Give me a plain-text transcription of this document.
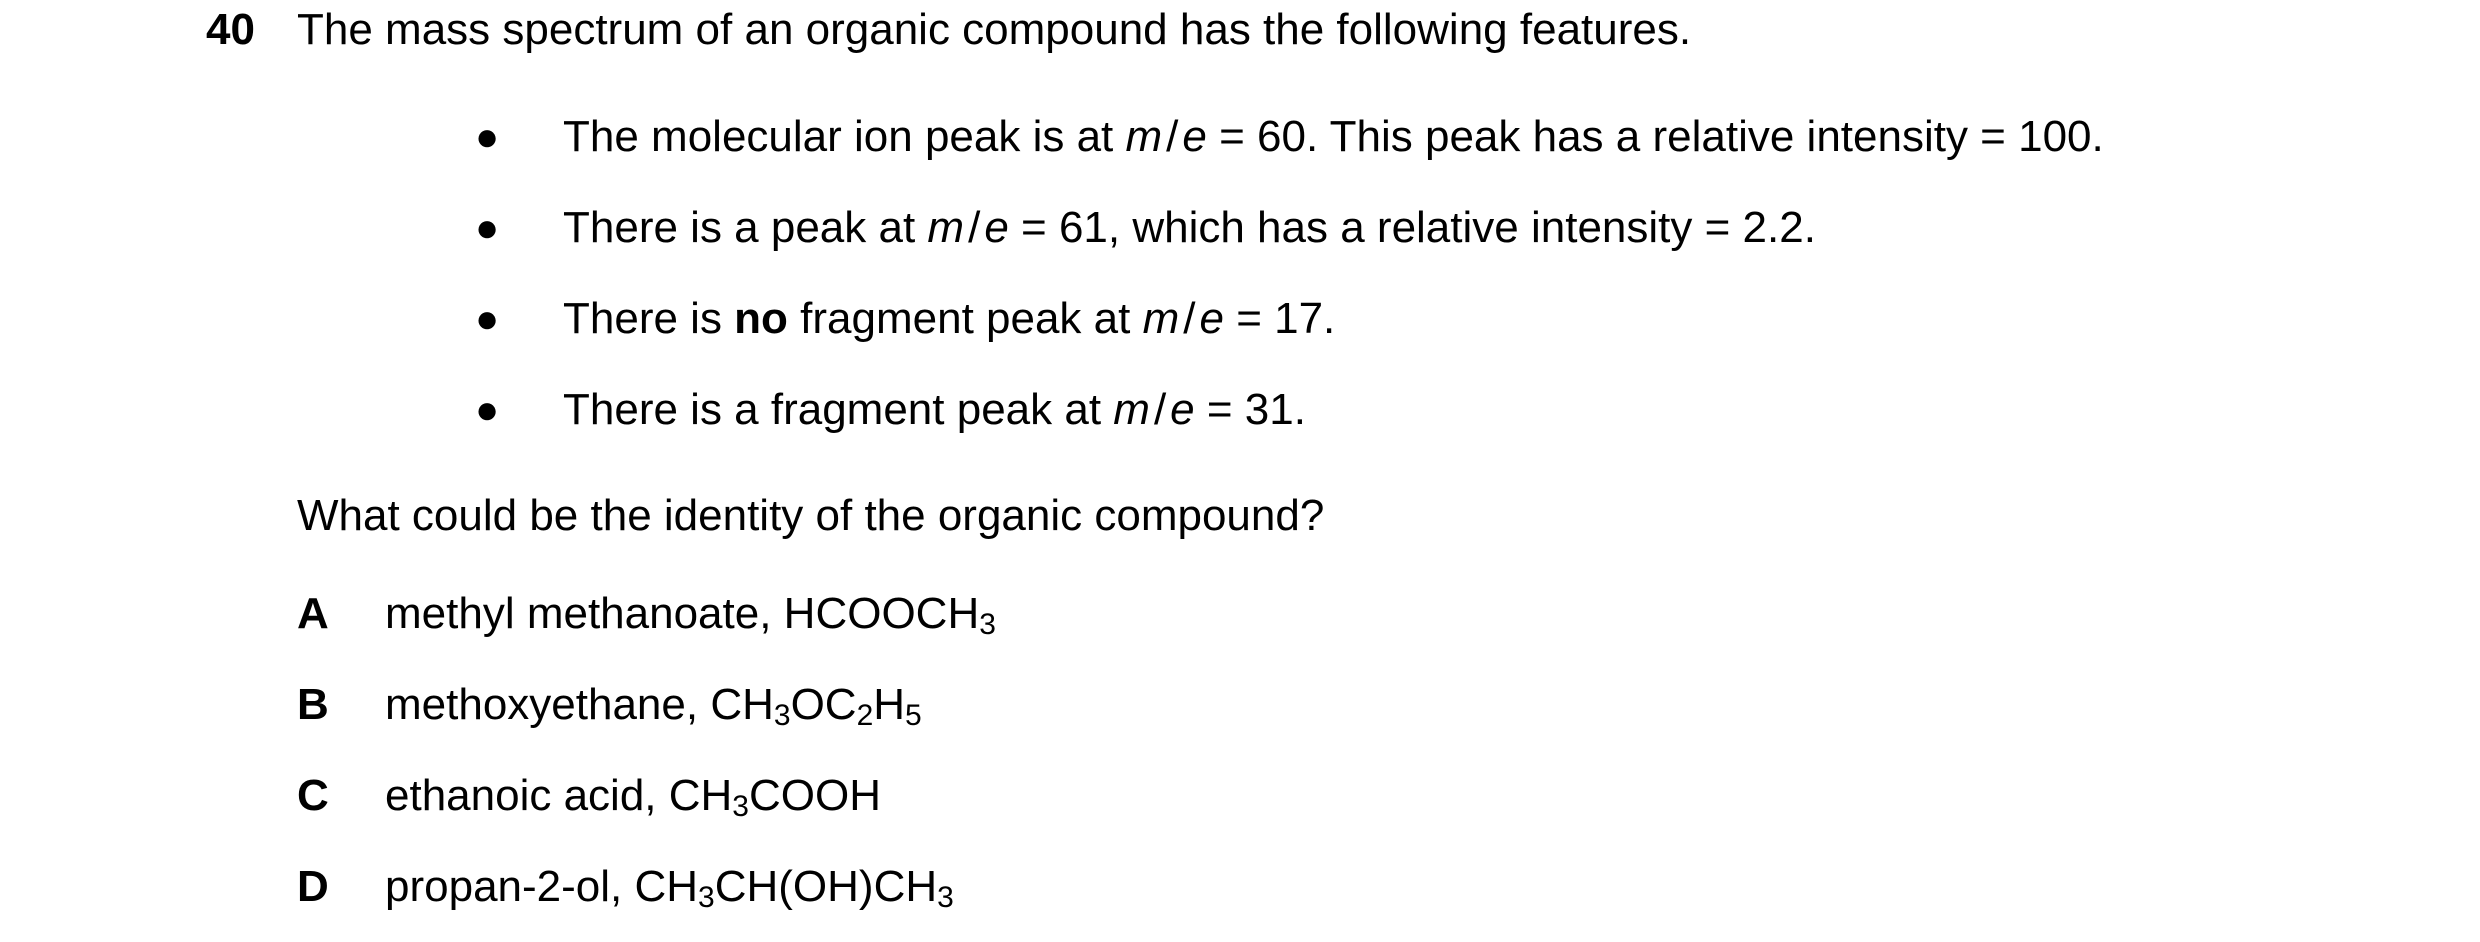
40 The mass spectrum of an organic compound has the following features.
● The molecular ion peak is at m/e = 60. This peak has a relative intensity = 100.
● There is a peak at m/e = 61, which has a relative intensity = 2.2.
● There is no fragment peak at m/e = 17.
● There is a fragment peak at m/e = 31.
What could be the identity of the organic compound?
A methyl methanoate, $HCOOCH_3$
B methoxyethane, $CH_3OC_2H_5$
C ethanoic acid, $CH_3COOH$
D propan-2-ol, $CH_3CH(OH)CH_3$
